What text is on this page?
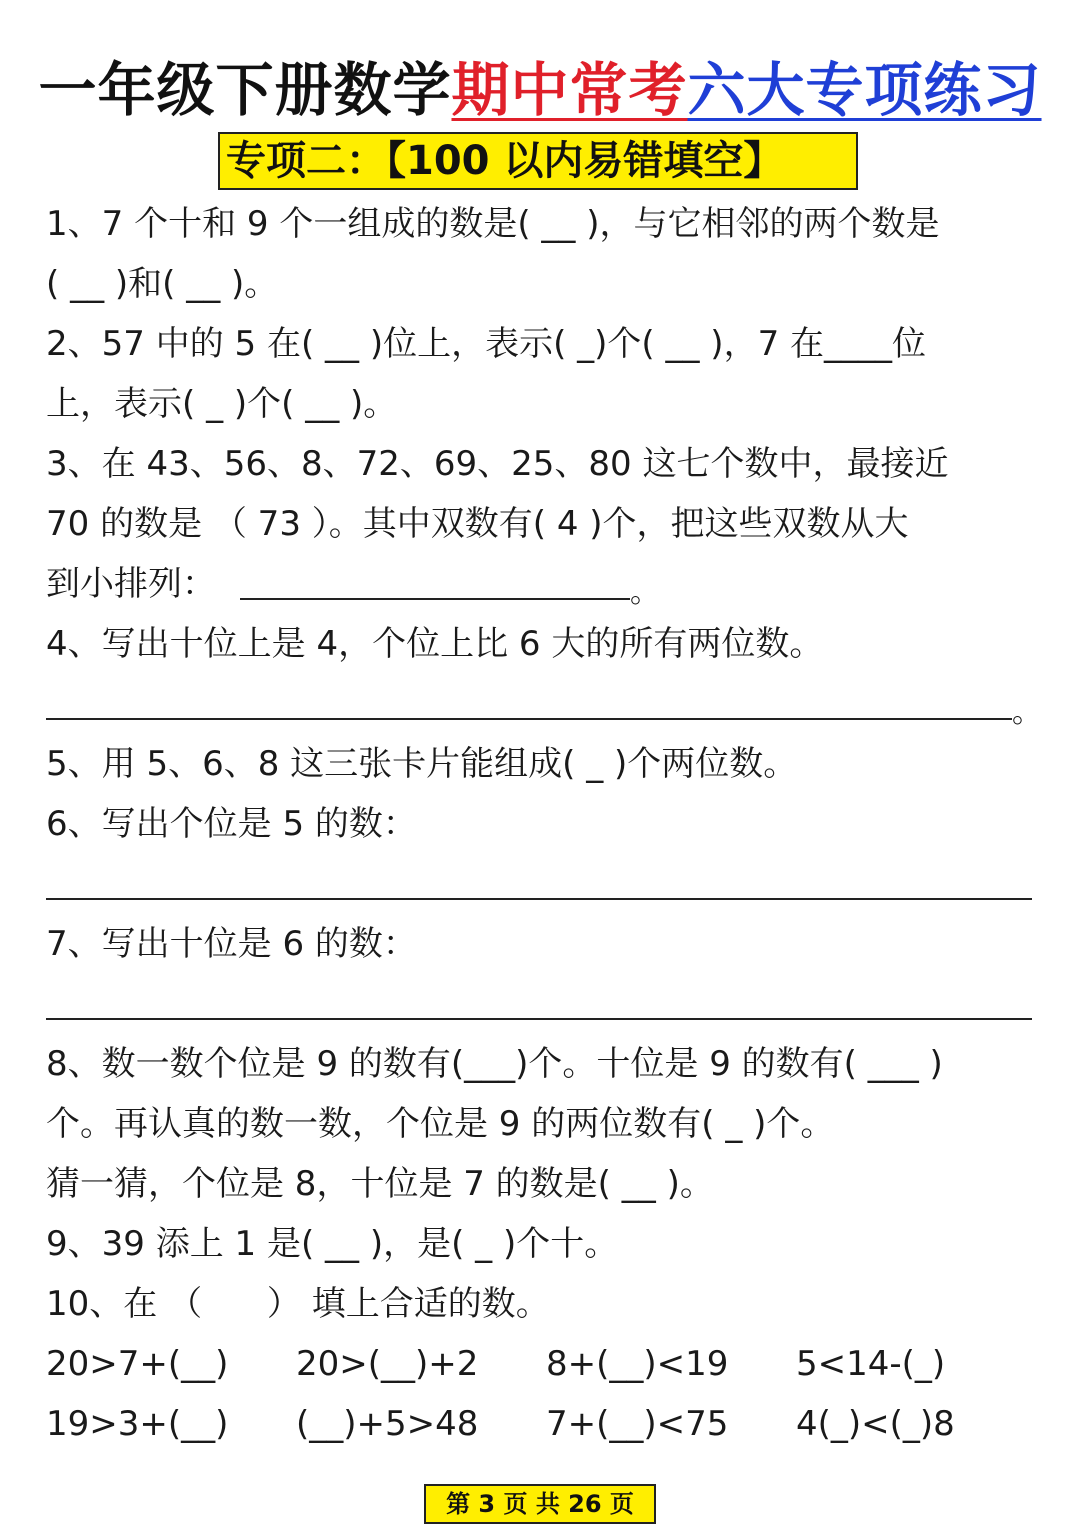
一年级下册数学期中常考六大专项练习
专项二：【100 以内易错填空】
1、7 个十和 9 个一组成的数是( __ )，与它相邻的两个数是
( __ )和( __ )。
2、57 中的 5 在( __ )位上，表示( _)个( __ )，7 在____位
上，表示( _ )个( __ )。
3、在 43、56、8、72、69、25、80 这七个数中，最接近
70 的数是 （ 73 ）。其中双数有( 4 )个，把这些双数从大
到小排列：	。
4、写出十位上是 4，个位上比 6 大的所有两位数。
。
5、用 5、6、8 这三张卡片能组成( _ )个两位数。
6、写出个位是 5 的数：
7、写出十位是 6 的数：
8、数一数个位是 9 的数有(___)个。十位是 9 的数有( ___ )
个。再认真的数一数，个位是 9 的两位数有( _ )个。
猜一猜，个位是 8，十位是 7 的数是( __ )。
9、39 添上 1 是( __ )，是( _ )个十。
10、在 （      ） 填上合适的数。
20>7+(__) 20>(__)+2 8+(__)<19 5<14-(_)
19>3+(__) (__)+5>48 7+(__)<75 4(_)<(_)8
第 3 页 共 26 页
